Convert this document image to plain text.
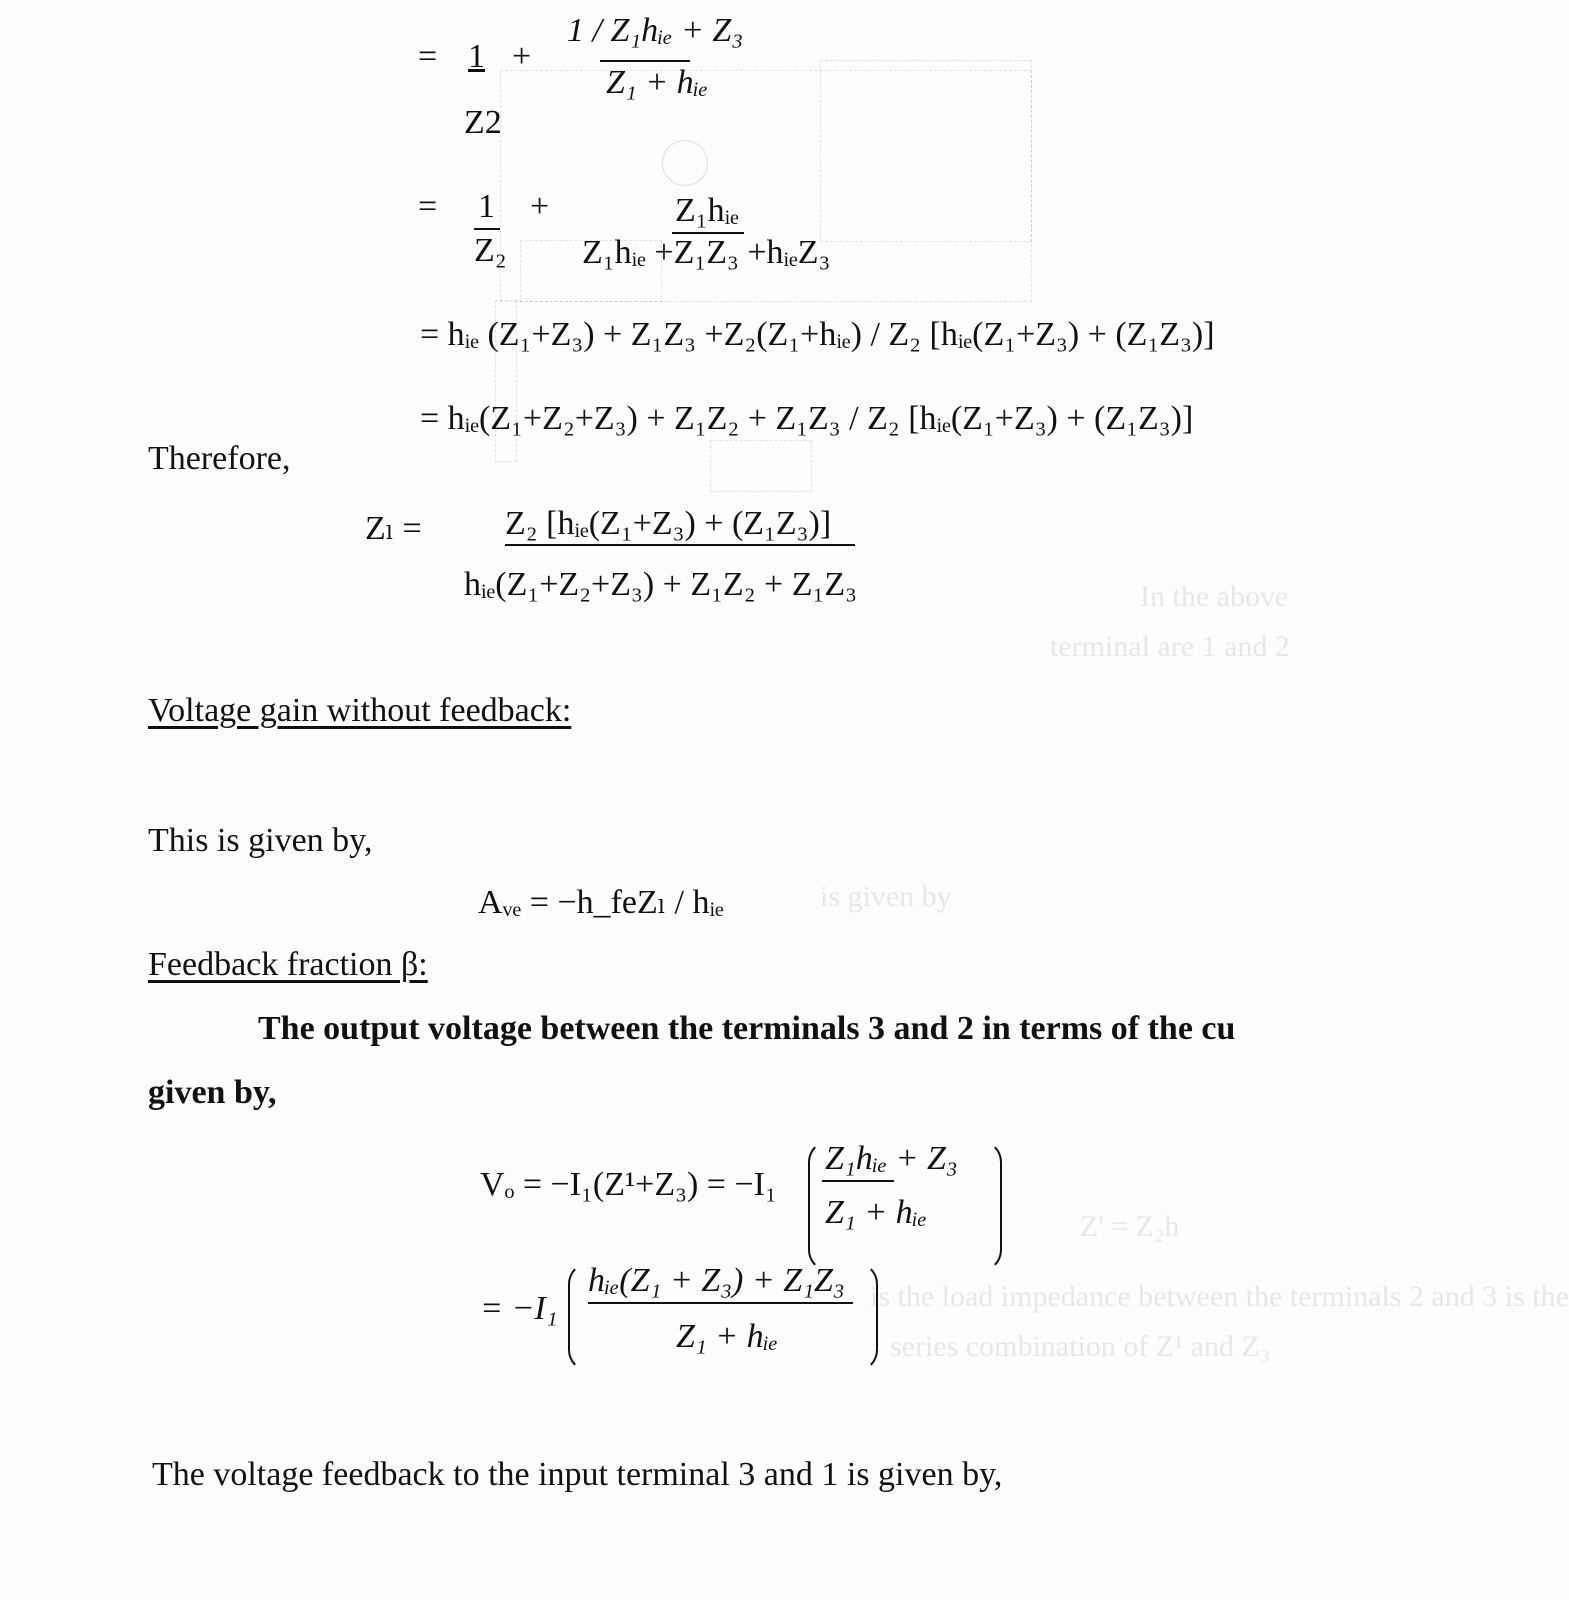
In the above
terminal are 1 and 2
is given by
Z' = Z₂h
is the load impedance between the terminals 2 and 3 is the
series combination of Z¹ and Z₃
= 1 +
Z2
1 / Z₁hᵢₑ + Z₃
Z₁ + hᵢₑ
= 1
Z₂
+	Z₁hᵢₑ
Z₁hᵢₑ +Z₁Z₃ +hᵢₑZ₃
= hᵢₑ (Z₁+Z₃) + Z₁Z₃ +Z₂(Z₁+hᵢₑ) / Z₂ [hᵢₑ(Z₁+Z₃) + (Z₁Z₃)]
= hᵢₑ(Z₁+Z₂+Z₃) + Z₁Z₂ + Z₁Z₃ / Z₂ [hᵢₑ(Z₁+Z₃) + (Z₁Z₃)]
Therefore,
Zₗ = Z₂ [hᵢₑ(Z₁+Z₃) + (Z₁Z₃)]
hᵢₑ(Z₁+Z₂+Z₃) + Z₁Z₂ + Z₁Z₃
Voltage gain without feedback:
This is given by,
Aᵥₑ = −h_feZₗ / hᵢₑ
Feedback fraction β:
The output voltage between the terminals 3 and 2 in terms of the cu
given by,
Vₒ = −I₁(Z¹+Z₃) = −I₁
Z₁hᵢₑ + Z₃
Z₁ + hᵢₑ
= −I₁
hᵢₑ(Z₁ + Z₃) + Z₁Z₃
Z₁ + hᵢₑ
The voltage feedback to the input terminal 3 and 1 is given by,
